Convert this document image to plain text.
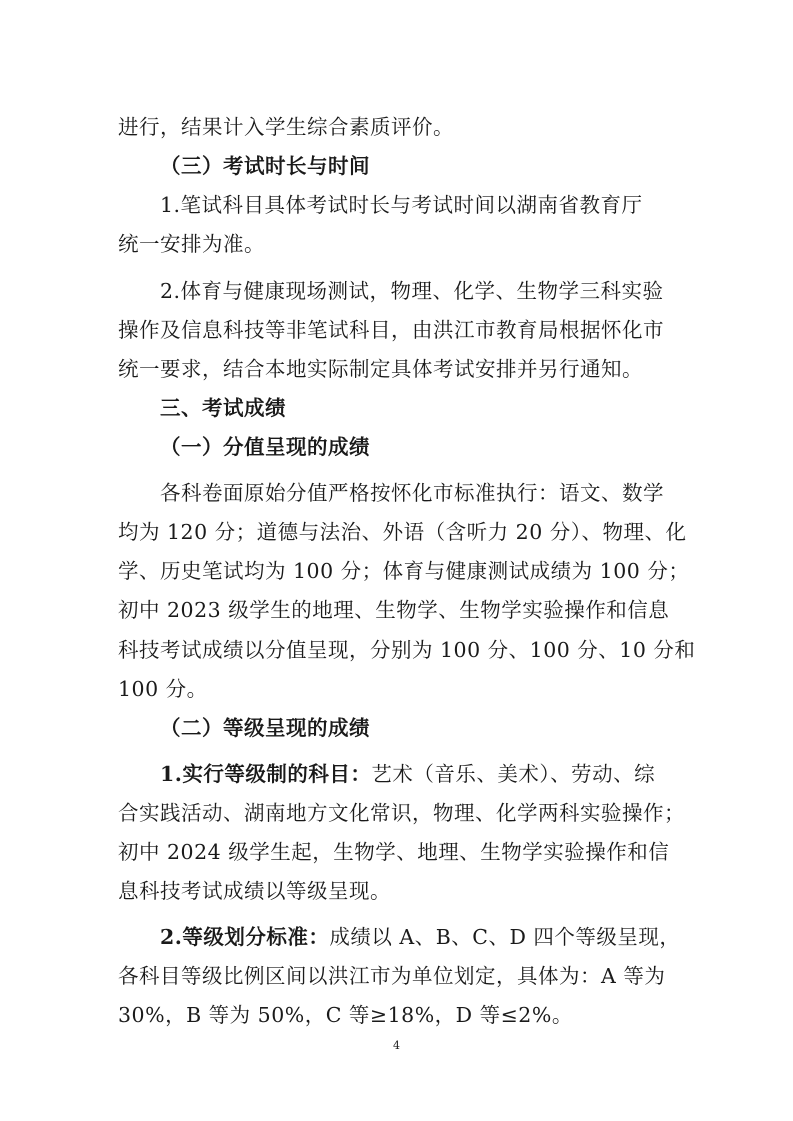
进行，结果计入学生综合素质评价。
（三）考试时长与时间
1.笔试科目具体考试时长与考试时间以湖南省教育厅
统一安排为准。
2.体育与健康现场测试，物理、化学、生物学三科实验
操作及信息科技等非笔试科目，由洪江市教育局根据怀化市
统一要求，结合本地实际制定具体考试安排并另行通知。
三、考试成绩
（一）分值呈现的成绩
各科卷面原始分值严格按怀化市标准执行：语文、数学
均为 120 分；道德与法治、外语（含听力 20 分）、物理、化
学、历史笔试均为 100 分；体育与健康测试成绩为 100 分；
初中 2023 级学生的地理、生物学、生物学实验操作和信息
科技考试成绩以分值呈现，分别为 100 分、100 分、10 分和
100 分。
（二）等级呈现的成绩
1.实行等级制的科目：艺术（音乐、美术）、劳动、综
合实践活动、湖南地方文化常识，物理、化学两科实验操作；
初中 2024 级学生起，生物学、地理、生物学实验操作和信
息科技考试成绩以等级呈现。
2.等级划分标准：成绩以 A、B、C、D 四个等级呈现，
各科目等级比例区间以洪江市为单位划定，具体为：A 等为
30%，B 等为 50%，C 等≥18%，D 等≤2%。
4
